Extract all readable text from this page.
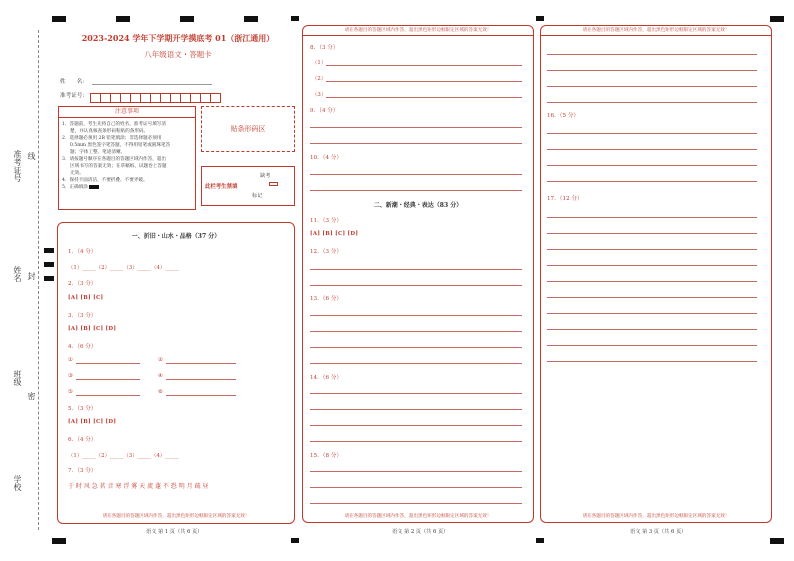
准考证号 线
姓名 封
班级
密
学校
2023-2024 学年下学期开学摸底考 01（浙江通用）
八年级语文・答题卡
姓　　名：
准考证号：
注意事项
1．答题前，考生先将自己的姓名，准考证号填写清
楚，并认真核查条形码粘贴的条形码。
2．选择题必须用 2B 铅笔填涂；非选择题必须用
0.5mm 黑色签字笔答题，不得用铅笔或圆珠笔答
题；字体工整、笔迹清晰。
3．请按题号顺序在各题目的答题区域内作答，超出
区域书写的答案无效；在草稿纸、试题卷上答题
无效。
4．保持卡面清洁，不要折叠、不要弄破。
5．正确填涂
贴条形码区
此栏考生禁填
缺考
标记
一、折旧・山水・品格（37 分）
1．（4 分）
（1）_____（2）_____（3）_____（4）_____
2．（3 分）
[A] [B] [C]
3．（3 分）
[A] [B] [C] [D]
4．（6 分）
①	②
③	④
⑤	⑥
5．（3 分）
[A] [B] [C] [D]
6．（4 分）
（1）_____（2）_____（3）_____（4）_____
7．（3 分）
于 时 风 急 茗 音 寒 浮 雾 天 流 蓬 不 恐 明 月 疏 昼
请在各题目的答题区域内作答，超出黑色矩形边框限定区域的答案无效！
语文 第 1 页（共 6 页）
请在各题目的答题区域内作答，超出黑色矩形边框限定区域的答案无效！
8．（3 分）
（1）
（2）
（3）
9．（4 分）
10．（4 分）
二、新潮・经典・表达（83 分）
11．（3 分）
[A] [B] [C] [D]
12．（3 分）
13．（6 分）
14．（6 分）
15．（8 分）
请在各题目的答题区域内作答，超出黑色矩形边框限定区域的答案无效！
语文 第 2 页（共 6 页）
请在各题目的答题区域内作答，超出黑色矩形边框限定区域的答案无效！
16．（5 分）
17．（12 分）
请在各题目的答题区域内作答，超出黑色矩形边框限定区域的答案无效！
语文 第 3 页（共 6 页）
